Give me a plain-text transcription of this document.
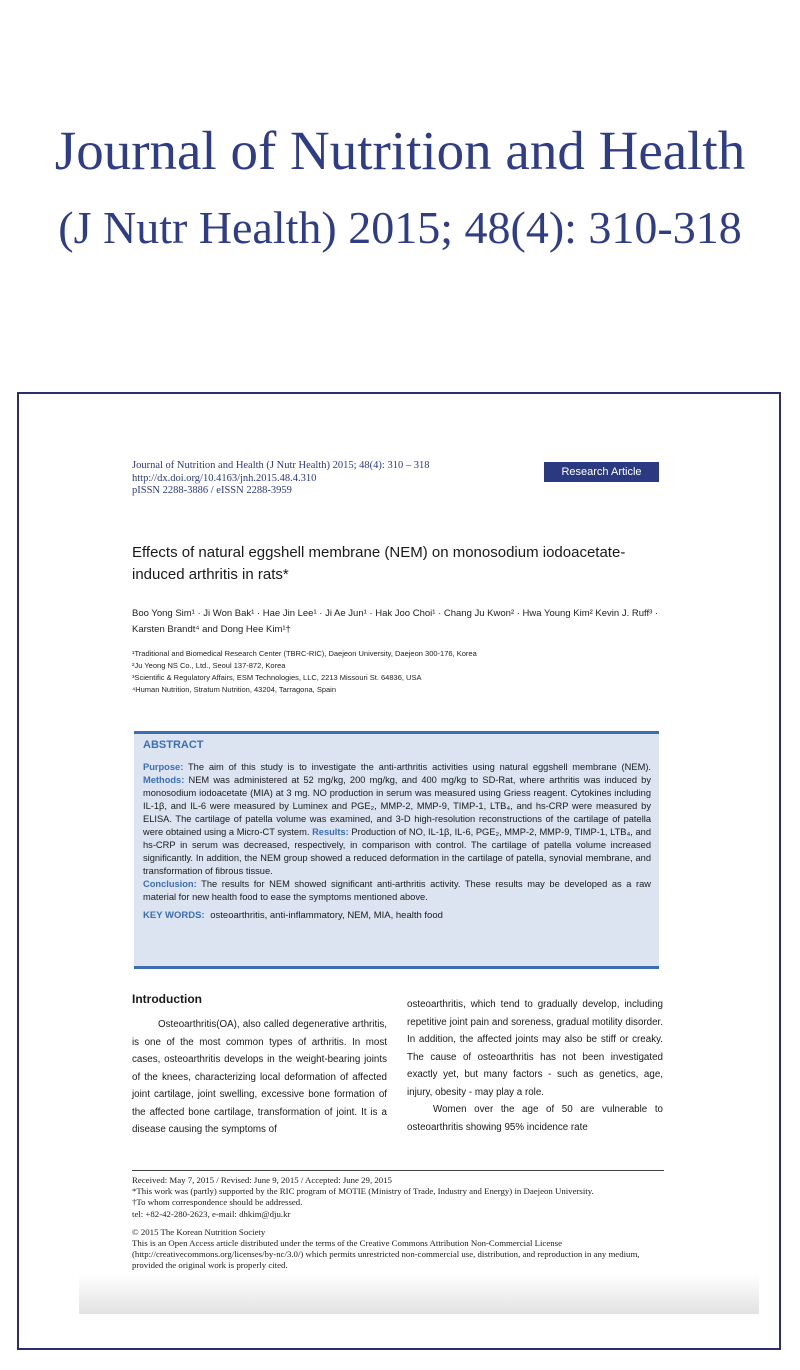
Journal of Nutrition and Health
(J Nutr Health) 2015; 48(4): 310-318
Journal of Nutrition and Health (J Nutr Health) 2015; 48(4): 310 – 318
http://dx.doi.org/10.4163/jnh.2015.48.4.310
pISSN 2288-3886 / eISSN 2288-3959
Research Article
Effects of natural eggshell membrane (NEM) on monosodium iodoacetate-induced arthritis in rats*
Boo Yong Sim¹ · Ji Won Bak¹ · Hae Jin Lee¹ · Ji Ae Jun¹ · Hak Joo Choi¹ · Chang Ju Kwon² · Hwa Young Kim² Kevin J. Ruff³ · Karsten Brandt⁴ and Dong Hee Kim¹†
¹Traditional and Biomedical Research Center (TBRC-RIC), Daejeon University, Daejeon 300-176, Korea
²Ju Yeong NS Co., Ltd., Seoul 137-872, Korea
³Scientific & Regulatory Affairs, ESM Technologies, LLC, 2213 Missouri St. 64836, USA
⁴Human Nutrition, Stratum Nutrition, 43204, Tarragona, Spain
ABSTRACT
Purpose: The aim of this study is to investigate the anti-arthritis activities using natural eggshell membrane (NEM). Methods: NEM was administered at 52 mg/kg, 200 mg/kg, and 400 mg/kg to SD-Rat, where arthritis was induced by monosodium iodoacetate (MIA) at 3 mg. NO production in serum was measured using Griess reagent. Cytokines including IL-1β, and IL-6 were measured by Luminex and PGE₂, MMP-2, MMP-9, TIMP-1, LTB₄, and hs-CRP were measured by ELISA. The cartilage of patella volume was examined, and 3-D high-resolution reconstructions of the cartilage of patella were obtained using a Micro-CT system. Results: Production of NO, IL-1β, IL-6, PGE₂, MMP-2, MMP-9, TIMP-1, LTB₄, and hs-CRP in serum was decreased, respectively, in comparison with control. The cartilage of patella volume increased significantly. In addition, the NEM group showed a reduced deformation in the cartilage of patella, synovial membrane, and transformation of fibrous tissue.
Conclusion: The results for NEM showed significant anti-arthritis activity. These results may be developed as a raw material for new health food to ease the symptoms mentioned above.
KEY WORDS: osteoarthritis, anti-inflammatory, NEM, MIA, health food
Introduction

Osteoarthritis(OA), also called degenerative arthritis, is one of the most common types of arthritis. In most cases, osteoarthritis develops in the weight-bearing joints of the knees, characterizing local deformation of affected joint cartilage, joint swelling, excessive bone formation of the affected bone cartilage, transformation of joint. It is a disease causing the symptoms of

osteoarthritis, which tend to gradually develop, including repetitive joint pain and soreness, gradual motility disorder. In addition, the affected joints may also be stiff or creaky. The cause of osteoarthritis has not been investigated exactly yet, but many factors - such as genetics, age, injury, obesity - may play a role.

Women over the age of 50 are vulnerable to osteoarthritis showing 95% incidence rate

Received: May 7, 2015 / Revised: June 9, 2015 / Accepted: June 29, 2015
*This work was (partly) supported by the RIC program of MOTIE (Ministry of Trade, Industry and Energy) in Daejeon University.
†To whom correspondence should be addressed.
tel: +82-42-280-2623, e-mail: dhkim@dju.kr
© 2015 The Korean Nutrition Society
This is an Open Access article distributed under the terms of the Creative Commons Attribution Non-Commercial License (http://creativecommons.org/licenses/by-nc/3.0/) which permits unrestricted non-commercial use, distribution, and reproduction in any medium, provided the original work is properly cited.
